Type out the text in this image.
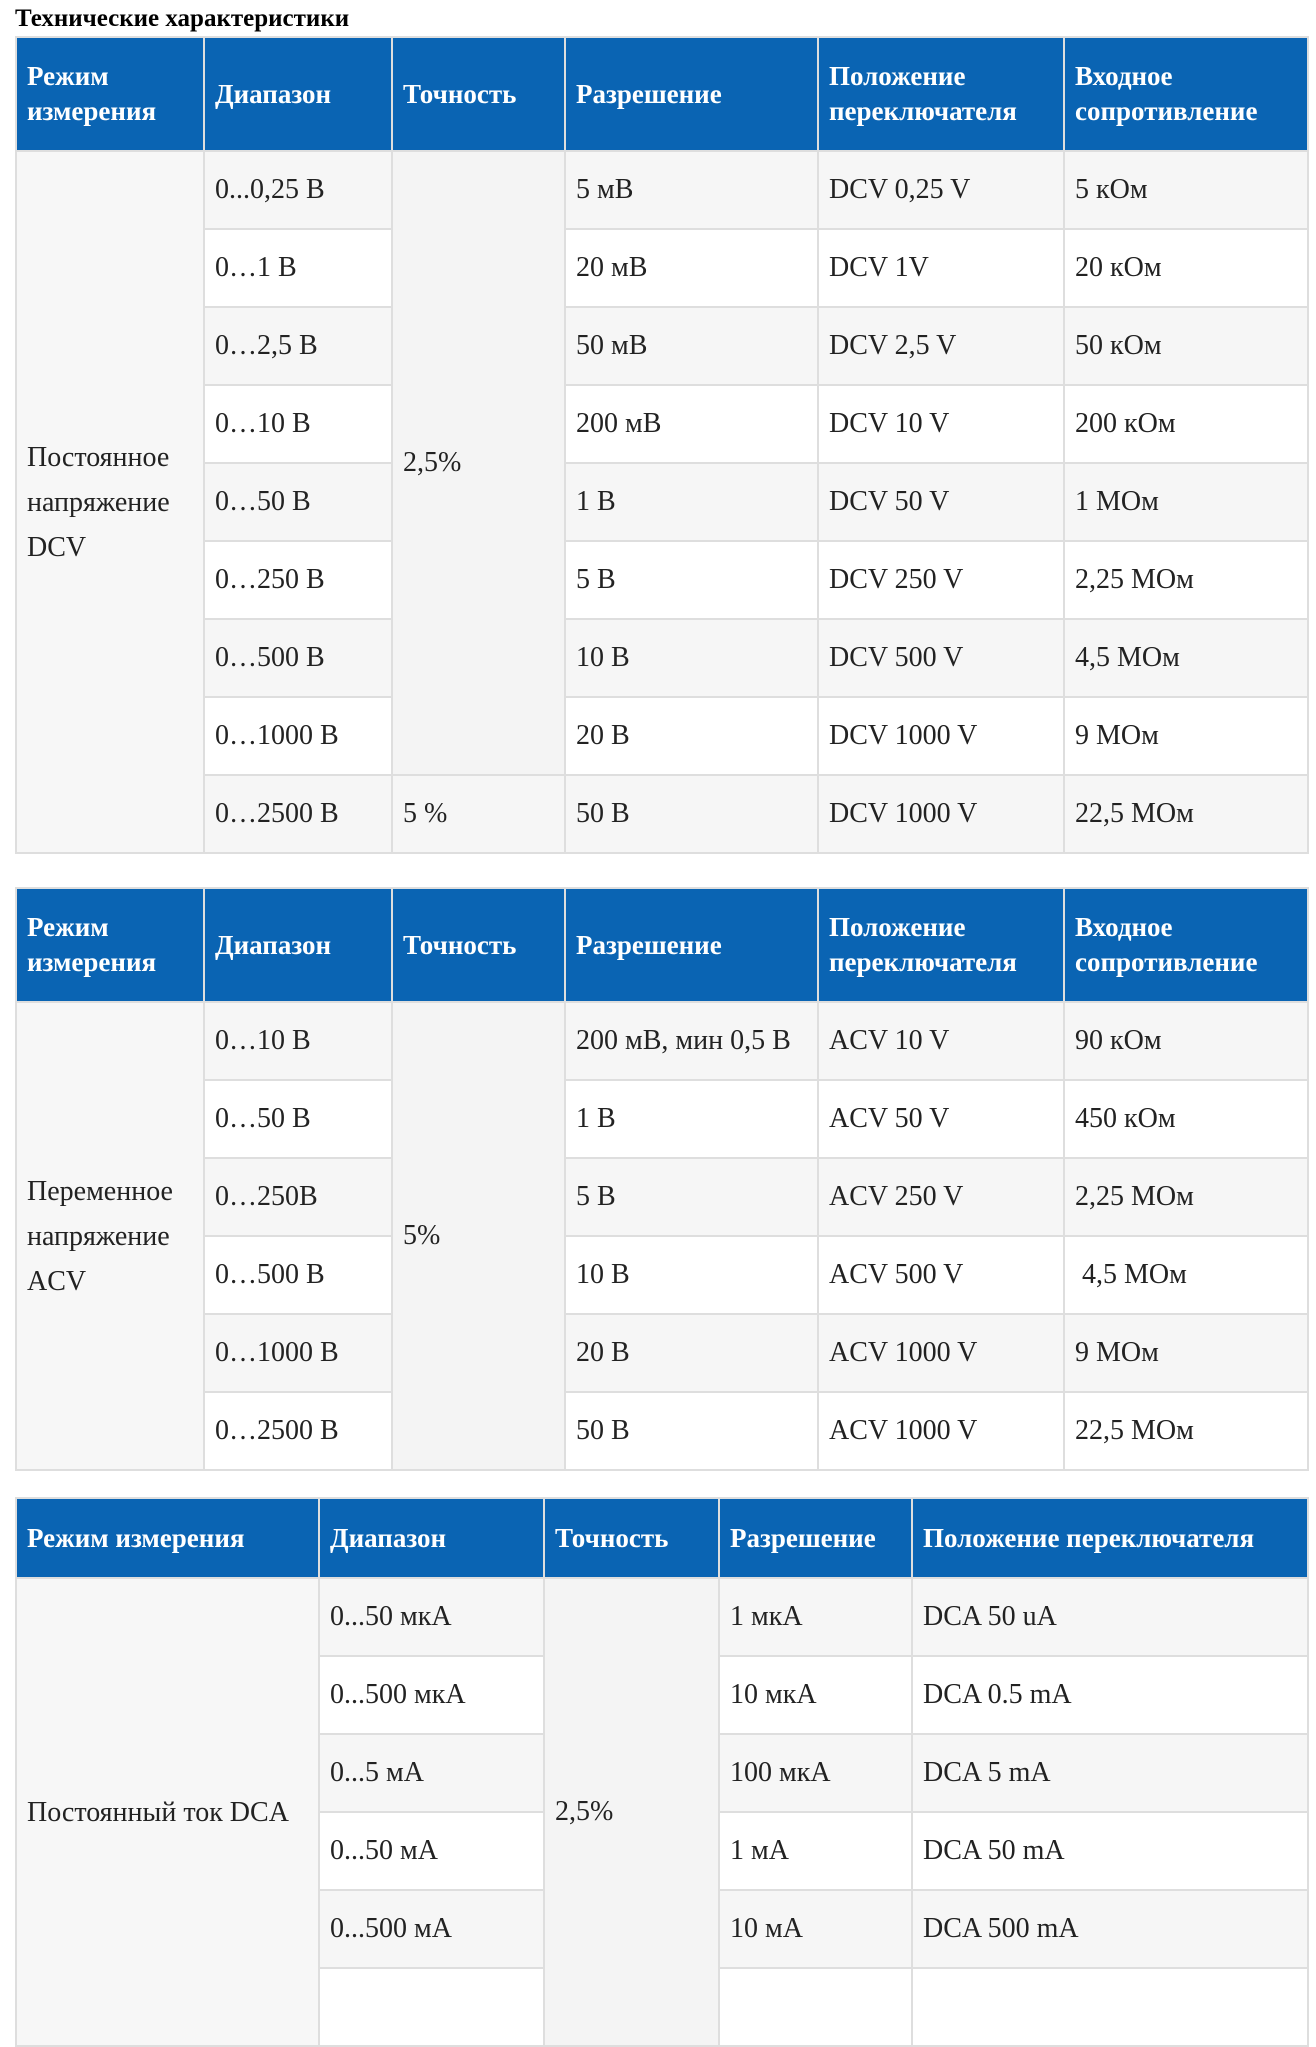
Технические характеристики
Режим измерения	Диапазон	Точность	Разрешение	Положение переключателя	Входное сопротивление
Постоянное напряжение DCV	0...0,25 В	2,5%	5 мВ	DCV 0,25 V	5 кОм
	0…1 В		20 мВ	DCV 1V	20 кОм
	0…2,5 В		50 мВ	DCV 2,5 V	50 кОм
	0…10 В		200 мВ	DCV 10 V	200 кОм
	0…50 В		1 В	DCV 50 V	1 МОм
	0…250 В		5 В	DCV 250 V	2,25 МОм
	0…500 В		10 В	DCV 500 V	4,5 МОм
	0…1000 В		20 В	DCV 1000 V	9 МОм
	0…2500 В	5 %	50 В	DCV 1000 V	22,5 МОм
Режим измерения	Диапазон	Точность	Разрешение	Положение переключателя	Входное сопротивление
Переменное напряжение ACV	0…10 В	5%	200 мВ, мин 0,5 В	ACV 10 V	90 кОм
	0…50 В		1 В	ACV 50 V	450 кОм
	0…250В		5 В	ACV 250 V	2,25 МОм
	0…500 В		10 В	ACV 500 V	4,5 МОм
	0…1000 В		20 В	ACV 1000 V	9 МОм
	0…2500 В		50 В	ACV 1000 V	22,5 МОм
Режим измерения	Диапазон	Точность	Разрешение	Положение переключателя
Постоянный ток DCA	0...50 мкА	2,5%	1 мкА	DCA 50 uA
	0...500 мкА		10 мкА	DCA 0.5 mA
	0...5 мА		100 мкА	DCA 5 mA
	0...50 мА		1 мА	DCA 50 mA
	0...500 мА		10 мА	DCA 500 mA
